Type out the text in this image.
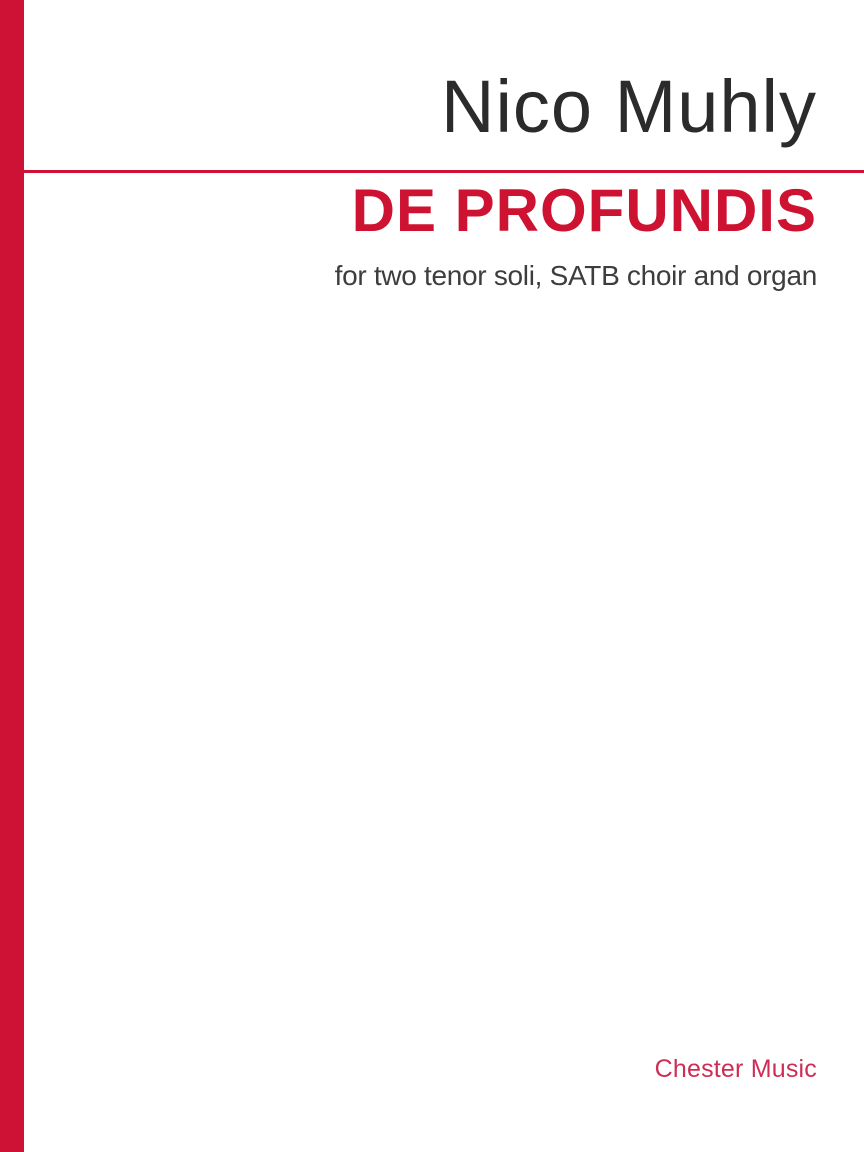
Nico Muhly
DE PROFUNDIS
for two tenor soli, SATB choir and organ
Chester Music
